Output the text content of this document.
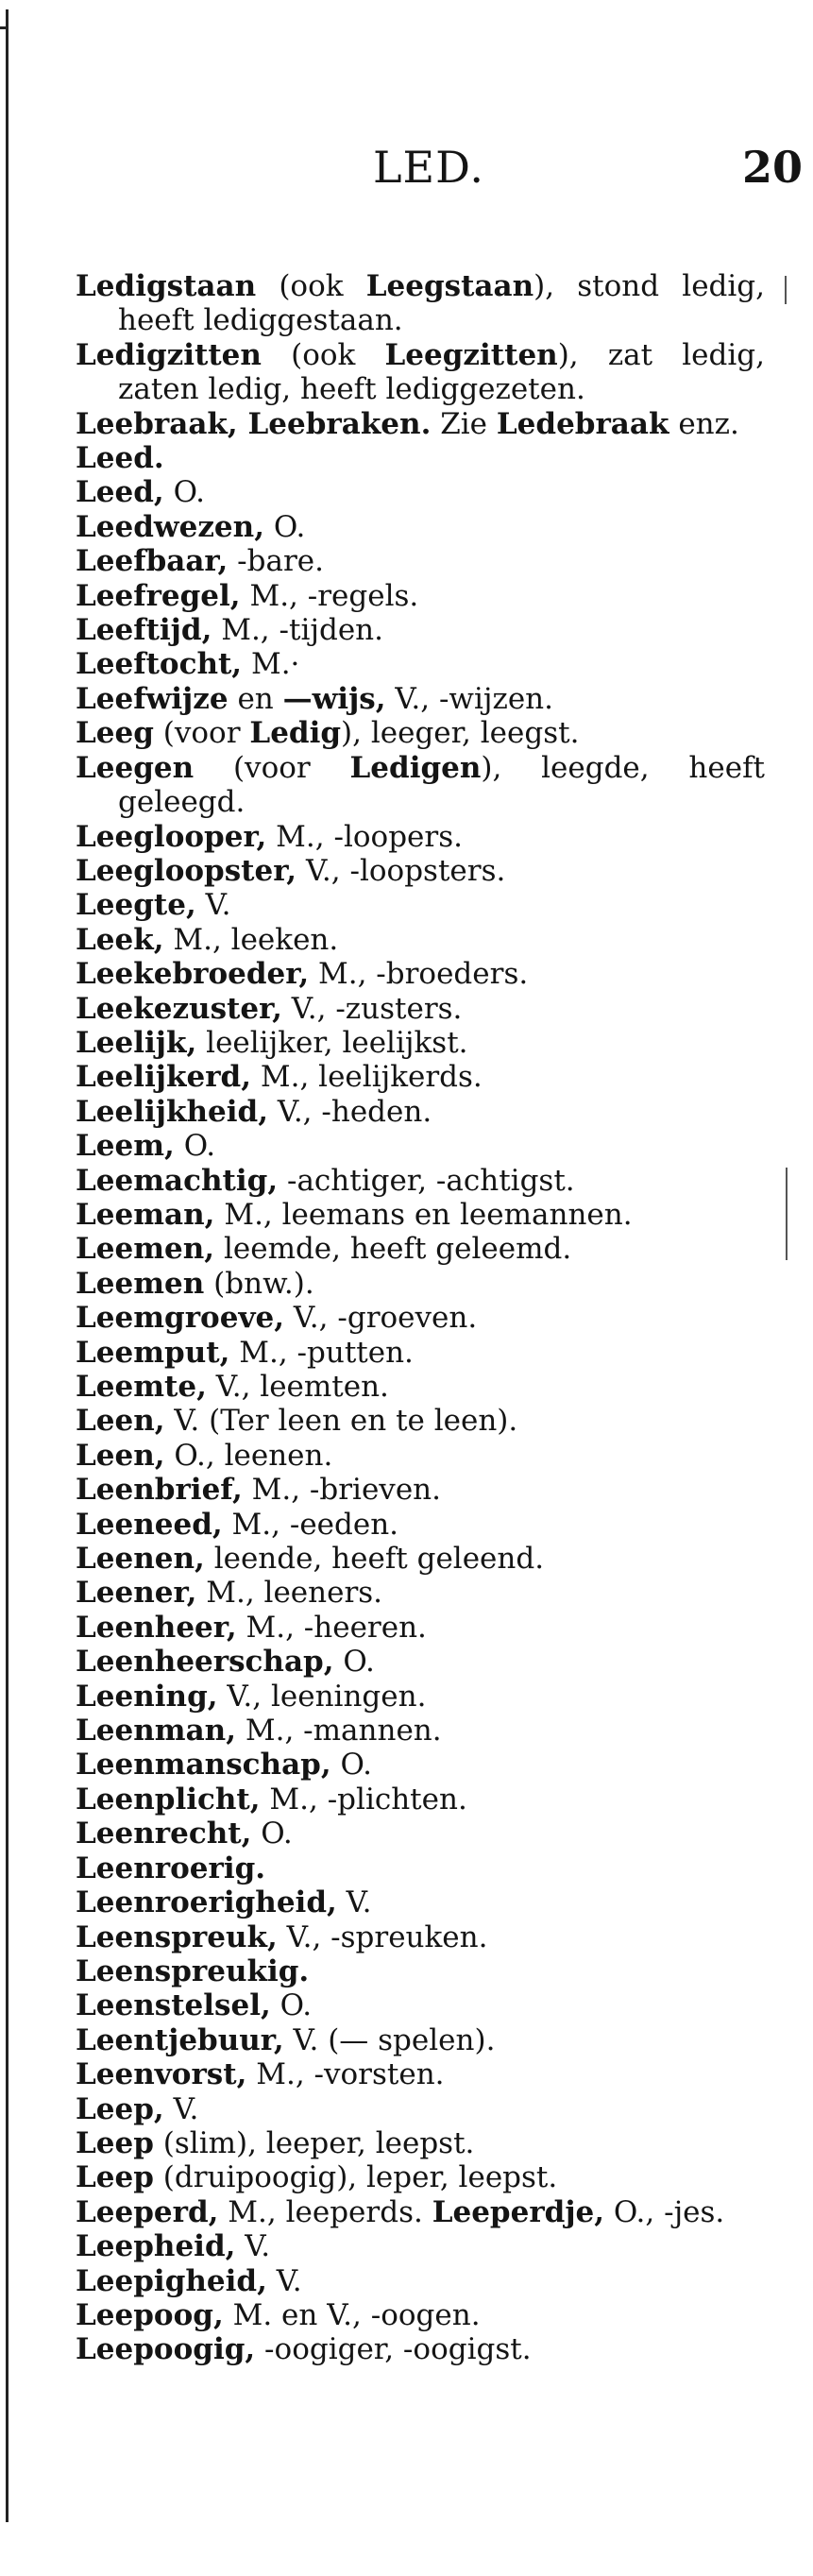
LED.	20

Ledigstaan (ook Leegstaan), stond ledig, heeft lediggestaan.

Ledigzitten (ook Leegzitten), zat ledig, zaten ledig, heeft lediggezeten.

Leebraak, Leebraken. Zie Ledebraak enz.

Leed.

Leed, O.

Leedwezen, O.

Leefbaar, -bare.

Leefregel, M., -regels.

Leeftijd, M., -tijden.

Leeftocht, M.·

Leefwijze en —wijs, V., -wijzen.

Leeg (voor Ledig), leeger, leegst.

Leegen (voor Ledigen), leegde, heeft geleegd.

Leeglooper, M., -loopers.

Leegloopster, V., -loopsters.

Leegte, V.

Leek, M., leeken.

Leekebroeder, M., -broeders.

Leekezuster, V., -zusters.

Leelijk, leelijker, leelijkst.

Leelijkerd, M., leelijkerds.

Leelijkheid, V., -heden.

Leem, O.

Leemachtig, -achtiger, -achtigst.

Leeman, M., leemans en leemannen.

Leemen, leemde, heeft geleemd.

Leemen (bnw.).

Leemgroeve, V., -groeven.

Leemput, M., -putten.

Leemte, V., leemten.

Leen, V. (Ter leen en te leen).

Leen, O., leenen.

Leenbrief, M., -brieven.

Leeneed, M., -eeden.

Leenen, leende, heeft geleend.

Leener, M., leeners.

Leenheer, M., -heeren.

Leenheerschap, O.

Leening, V., leeningen.

Leenman, M., -mannen.

Leenmanschap, O.

Leenplicht, M., -plichten.

Leenrecht, O.

Leenroerig.

Leenroerigheid, V.

Leenspreuk, V., -spreuken.

Leenspreukig.

Leenstelsel, O.

Leentjebuur, V. (— spelen).

Leenvorst, M., -vorsten.

Leep, V.

Leep (slim), leeper, leepst.

Leep (druipoogig), leper, leepst.

Leeperd, M., leeperds. Leeperdje, O., -jes.

Leepheid, V.

Leepigheid, V.

Leepoog, M. en V., -oogen.

Leepoogig, -oogiger, -oogigst.
